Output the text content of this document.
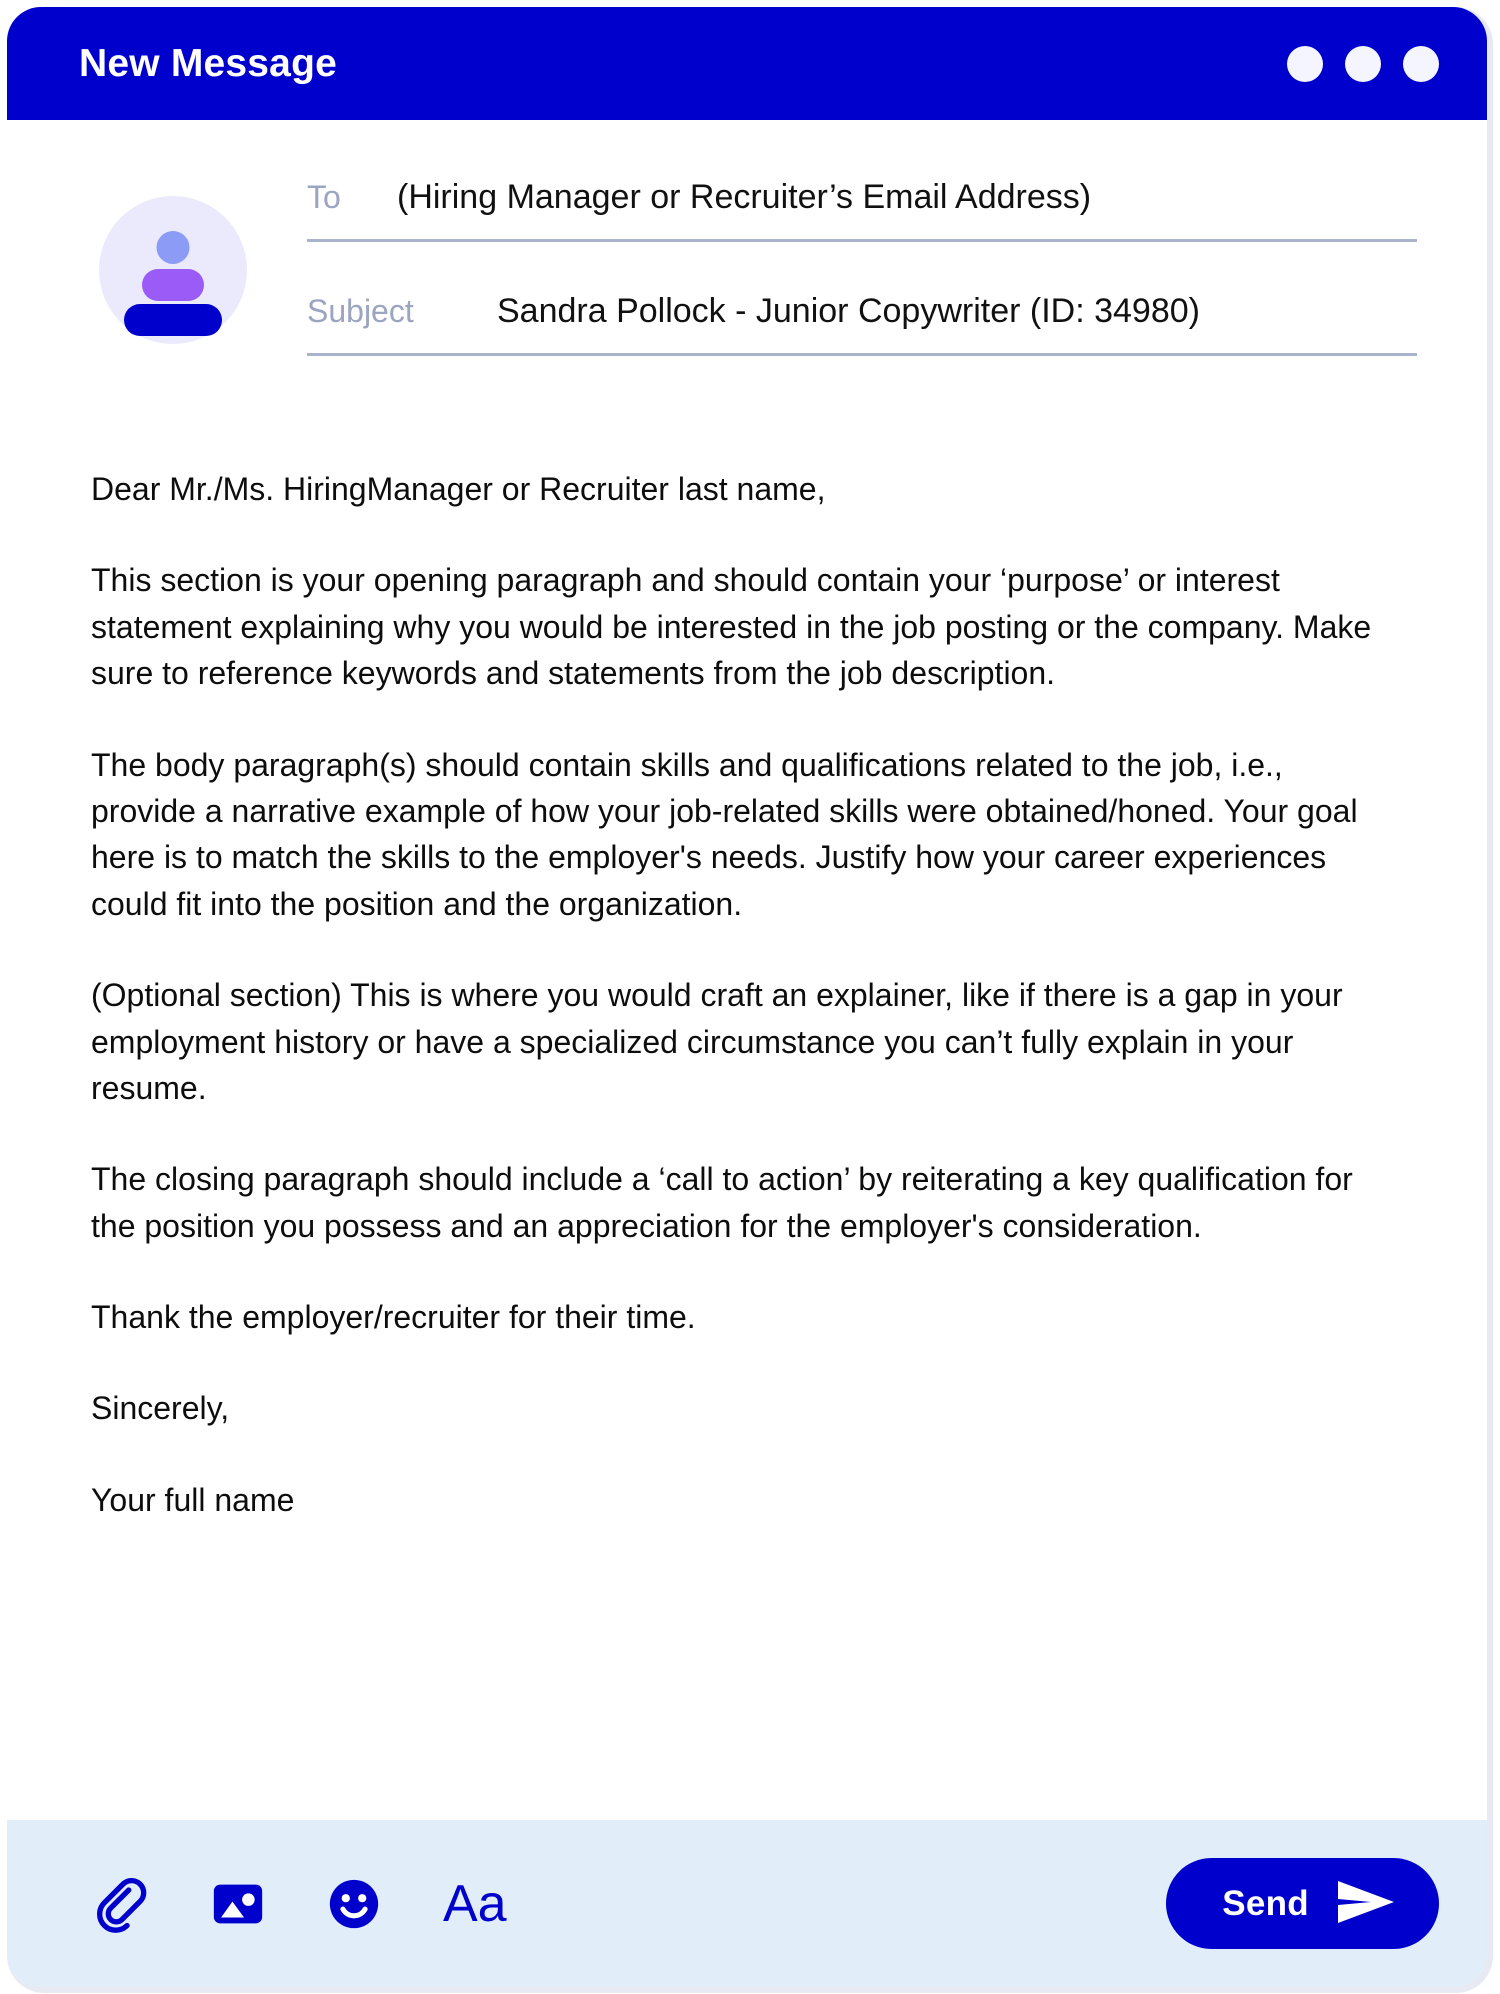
New Message
To	(Hiring Manager or Recruiter’s Email Address)
Subject	Sandra Pollock - Junior Copywriter (ID: 34980)

Dear Mr./Ms. HiringManager or Recruiter last name,

This section is your opening paragraph and should contain your ‘purpose’ or interest statement explaining why you would be interested in the job posting or the company. Make sure to reference keywords and statements from the job description.

The body paragraph(s) should contain skills and qualifications related to the job, i.e., provide a narrative example of how your job-related skills were obtained/honed. Your goal here is to match the skills to the employer's needs. Justify how your career experiences could fit into the position and the organization.

(Optional section) This is where you would craft an explainer, like if there is a gap in your employment history or have a specialized circumstance you can’t fully explain in your resume.

The closing paragraph should include a ‘call to action’ by reiterating a key qualification for the position you possess and an appreciation for the employer's consideration.

Thank the employer/recruiter for their time.

Sincerely,

Your full name

Aa	Send
